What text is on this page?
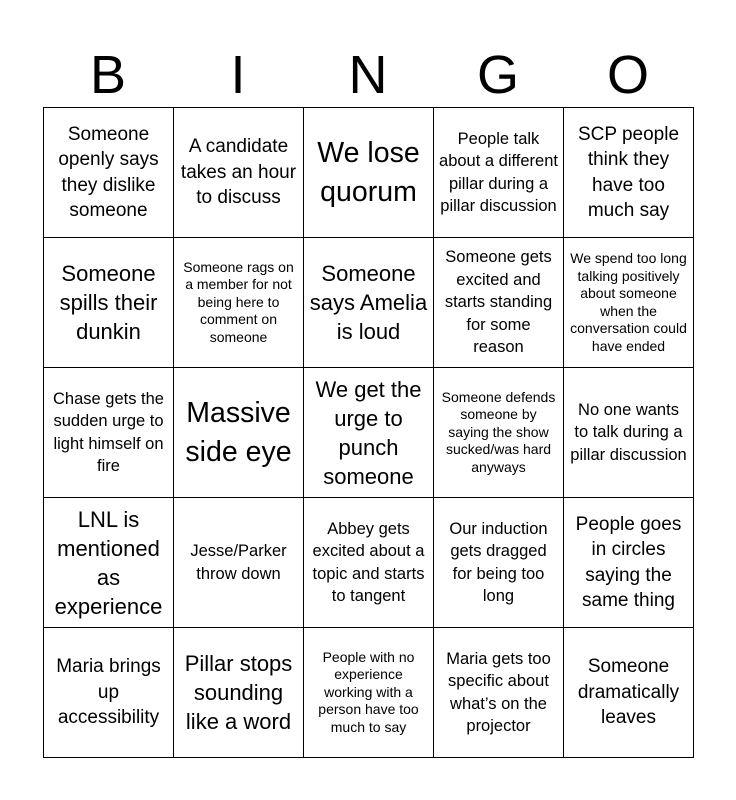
B	I	N	G	O
Someone openly says they dislike someone	A candidate takes an hour to discuss	We lose quorum	People talk about a different pillar during a pillar discussion	SCP people think they have too much say
Someone spills their dunkin	Someone rags on a member for not being here to comment on someone	Someone says Amelia is loud	Someone gets excited and starts standing for some reason	We spend too long talking positively about someone when the conversation could have ended
Chase gets the sudden urge to light himself on fire	Massive side eye	We get the urge to punch someone	Someone defends someone by saying the show sucked/was hard anyways	No one wants to talk during a pillar discussion
LNL is mentioned as experience	Jesse/Parker throw down	Abbey gets excited about a topic and starts to tangent	Our induction gets dragged for being too long	People goes in circles saying the same thing
Maria brings up accessibility	Pillar stops sounding like a word	People with no experience working with a person have too much to say	Maria gets too specific about what’s on the projector	Someone dramatically leaves
